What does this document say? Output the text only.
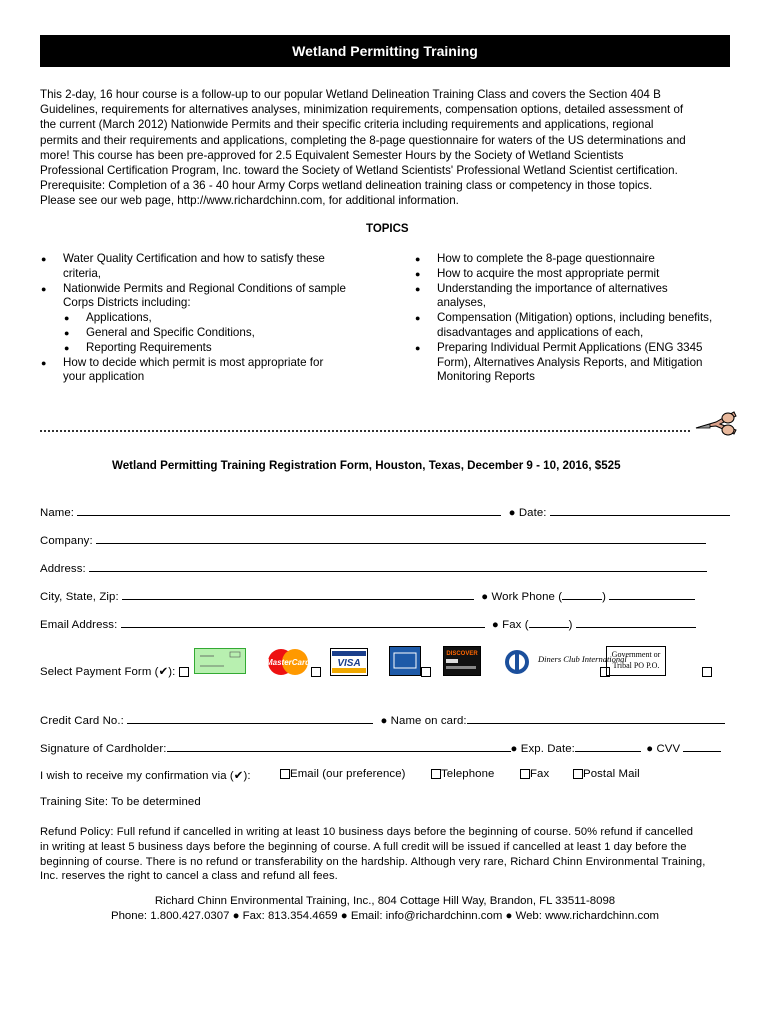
Wetland Permitting Training
This 2-day, 16 hour course is a follow-up to our popular Wetland Delineation Training Class and covers the Section 404 B
Guidelines, requirements for alternatives analyses, minimization requirements, compensation options, detailed assessment of
the current (March 2012) Nationwide Permits and their specific criteria including requirements and applications, regional
permits and their requirements and applications, completing the 8-page questionnaire for waters of the US determinations and
more! This course has been pre-approved for 2.5 Equivalent Semester Hours by the Society of Wetland Scientists
Professional Certification Program, Inc. toward the Society of Wetland Scientists' Professional Wetland Scientist certification.
Prerequisite: Completion of a 36 - 40 hour Army Corps wetland delineation training class or competency in those topics.
Please see our web page, http://www.richardchinn.com, for additional information.
TOPICS
● Water Quality Certification and how to satisfy these
criteria,
● Nationwide Permits and Regional Conditions of sample
Corps Districts including:
● Applications,
● General and Specific Conditions,
● Reporting Requirements
● How to decide which permit is most appropriate for
your application
● How to complete the 8-page questionnaire
● How to acquire the most appropriate permit
● Understanding the importance of alternatives
analyses,
● Compensation (Mitigation) options, including benefits,
disadvantages and applications of each,
● Preparing Individual Permit Applications (ENG 3345
Form), Alternatives Analysis Reports, and Mitigation
Monitoring Reports
Wetland Permitting Training Registration Form, Houston, Texas, December 9 - 10, 2016, $525
Name:	● Date:
Company:
Address:
City, State, Zip:	● Work Phone (	)
Email Address:	● Fax (	)
Select Payment Form (✔):
MasterCard	VISA
DISCOVER	Diners Club International
Government or
Tribal PO P.O.
Credit Card No.:	● Name on card:
Signature of Cardholder:	● Exp. Date:	● CVV
I wish to receive my confirmation via (✔):	Email (our preference)	Telephone	Fax	Postal Mail
Training Site: To be determined
Refund Policy: Full refund if cancelled in writing at least 10 business days before the beginning of course. 50% refund if cancelled
in writing at least 5 business days before the beginning of course. A full credit will be issued if cancelled at least 1 day before the
beginning of course. There is no refund or transferability on the hardship. Although very rare, Richard Chinn Environmental Training,
Inc. reserves the right to cancel a class and refund all fees.
Richard Chinn Environmental Training, Inc., 804 Cottage Hill Way, Brandon, FL 33511-8098
Phone: 1.800.427.0307 ● Fax: 813.354.4659 ● Email: info@richardchinn.com ● Web: www.richardchinn.com
